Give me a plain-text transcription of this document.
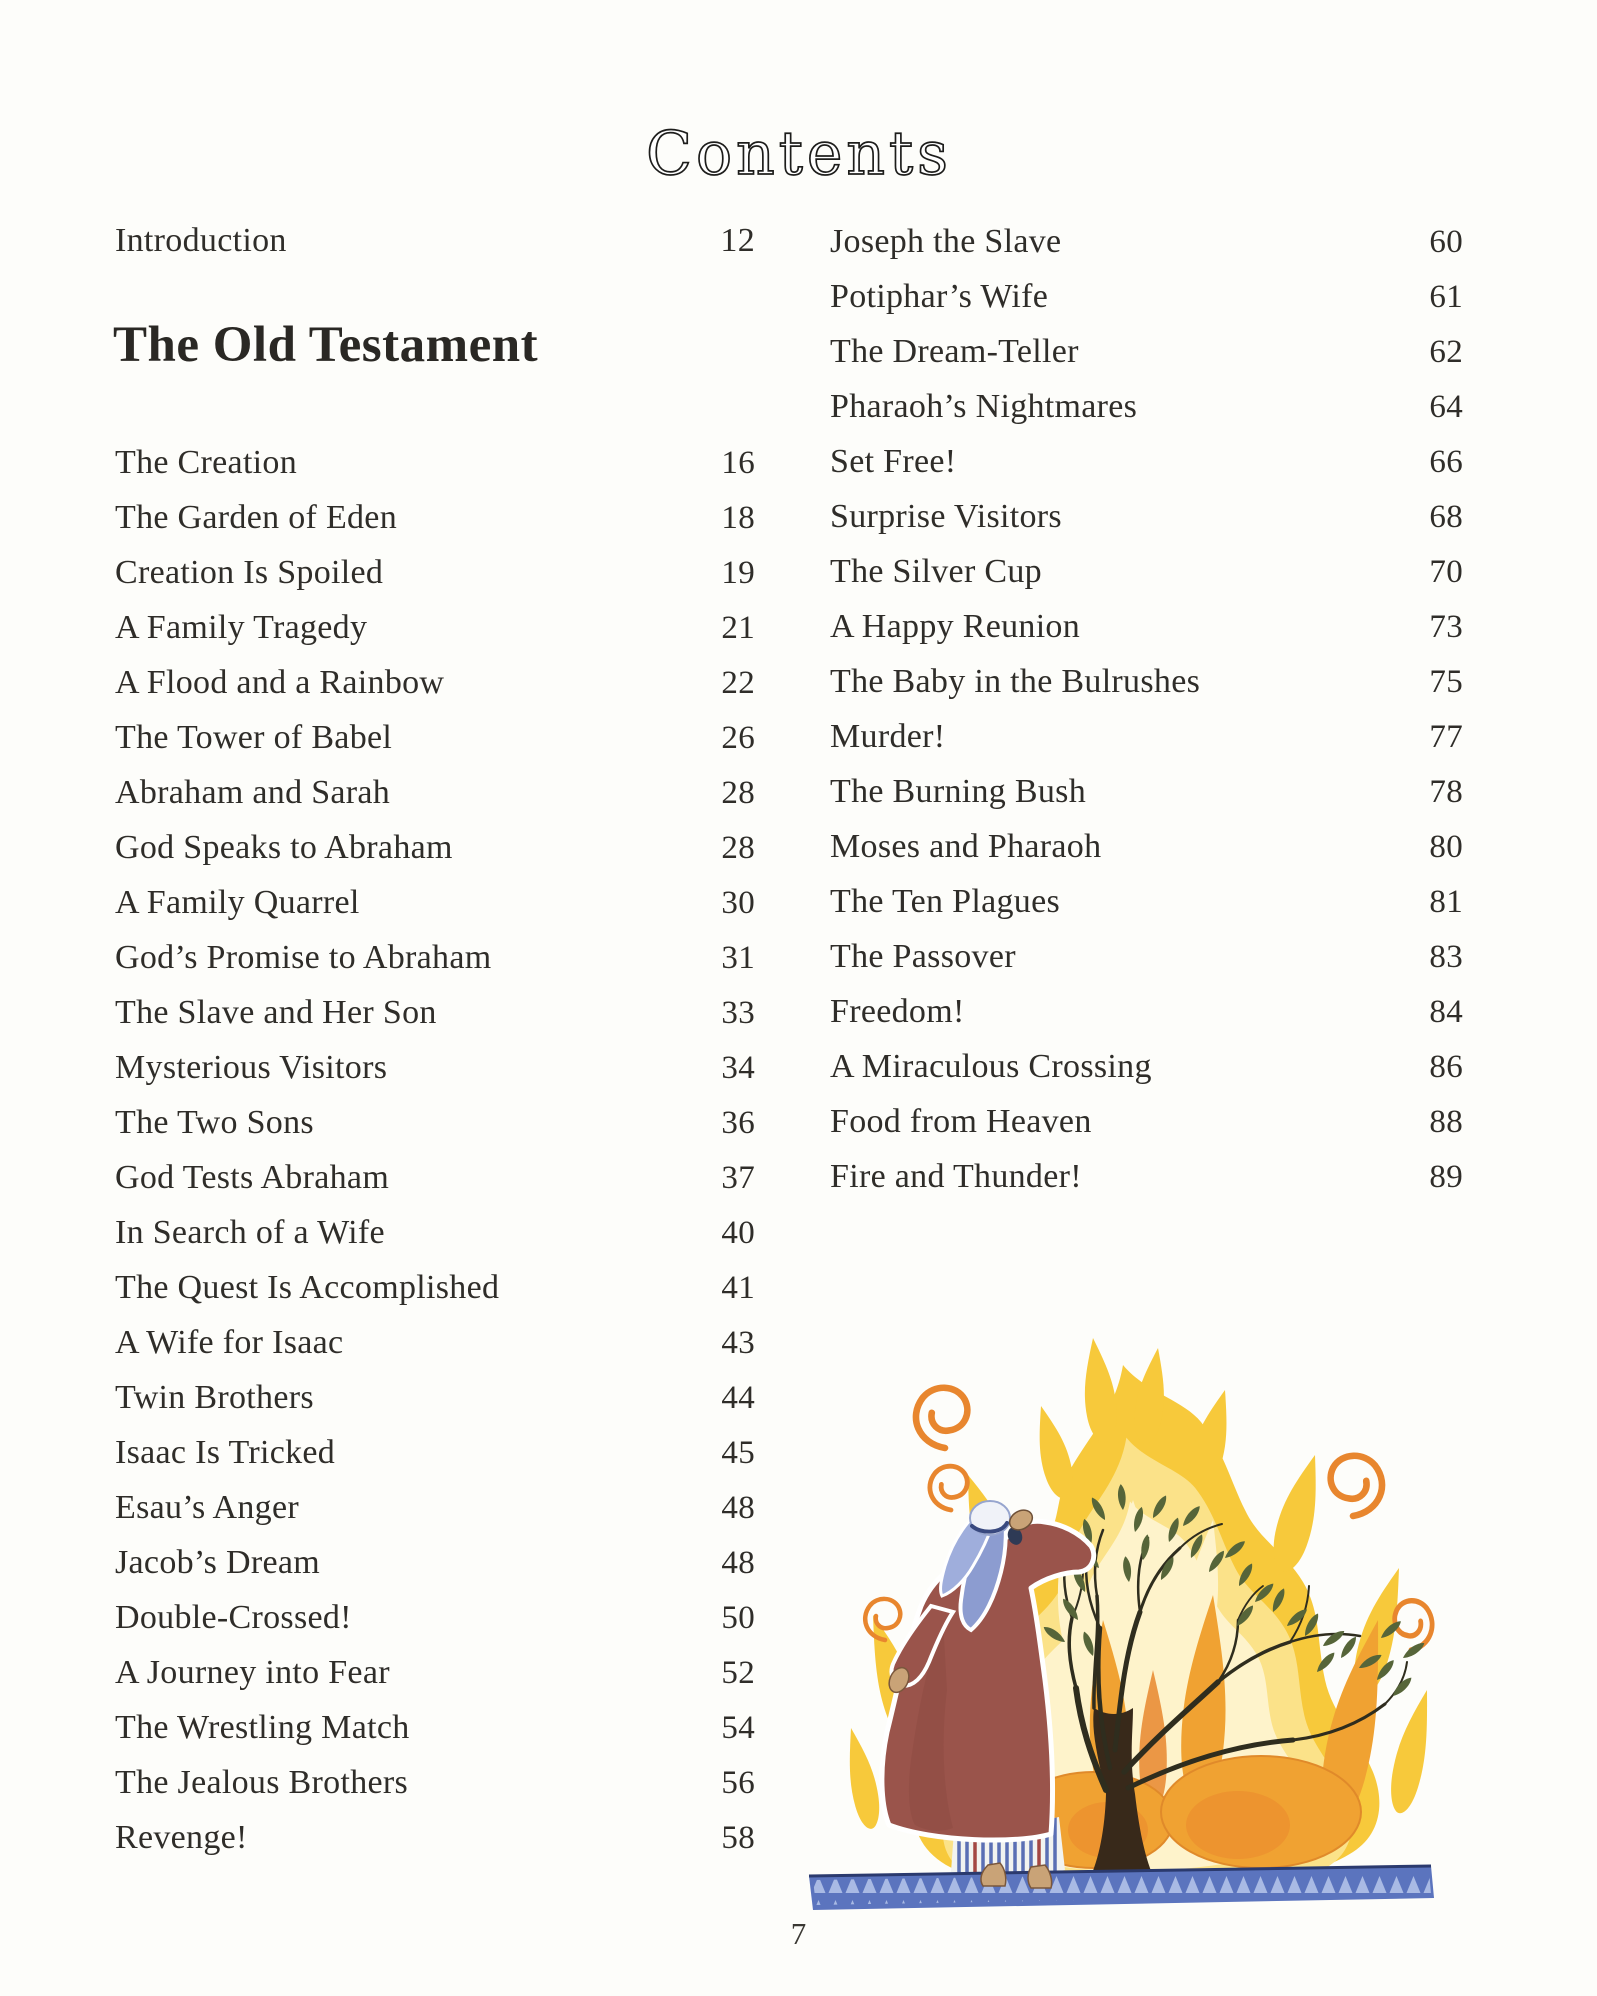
Contents
Introduction	12
The Old Testament
The Creation	16
The Garden of Eden	18
Creation Is Spoiled	19
A Family Tragedy	21
A Flood and a Rainbow	22
The Tower of Babel	26
Abraham and Sarah	28
God Speaks to Abraham	28
A Family Quarrel	30
God’s Promise to Abraham	31
The Slave and Her Son	33
Mysterious Visitors	34
The Two Sons	36
God Tests Abraham	37
In Search of a Wife	40
The Quest Is Accomplished	41
A Wife for Isaac	43
Twin Brothers	44
Isaac Is Tricked	45
Esau’s Anger	48
Jacob’s Dream	48
Double-Crossed!	50
A Journey into Fear	52
The Wrestling Match	54
The Jealous Brothers	56
Revenge!	58
Joseph the Slave	60
Potiphar’s Wife	61
The Dream-Teller	62
Pharaoh’s Nightmares	64
Set Free!	66
Surprise Visitors	68
The Silver Cup	70
A Happy Reunion	73
The Baby in the Bulrushes	75
Murder!	77
The Burning Bush	78
Moses and Pharaoh	80
The Ten Plagues	81
The Passover	83
Freedom!	84
A Miraculous Crossing	86
Food from Heaven	88
Fire and Thunder!	89
7
